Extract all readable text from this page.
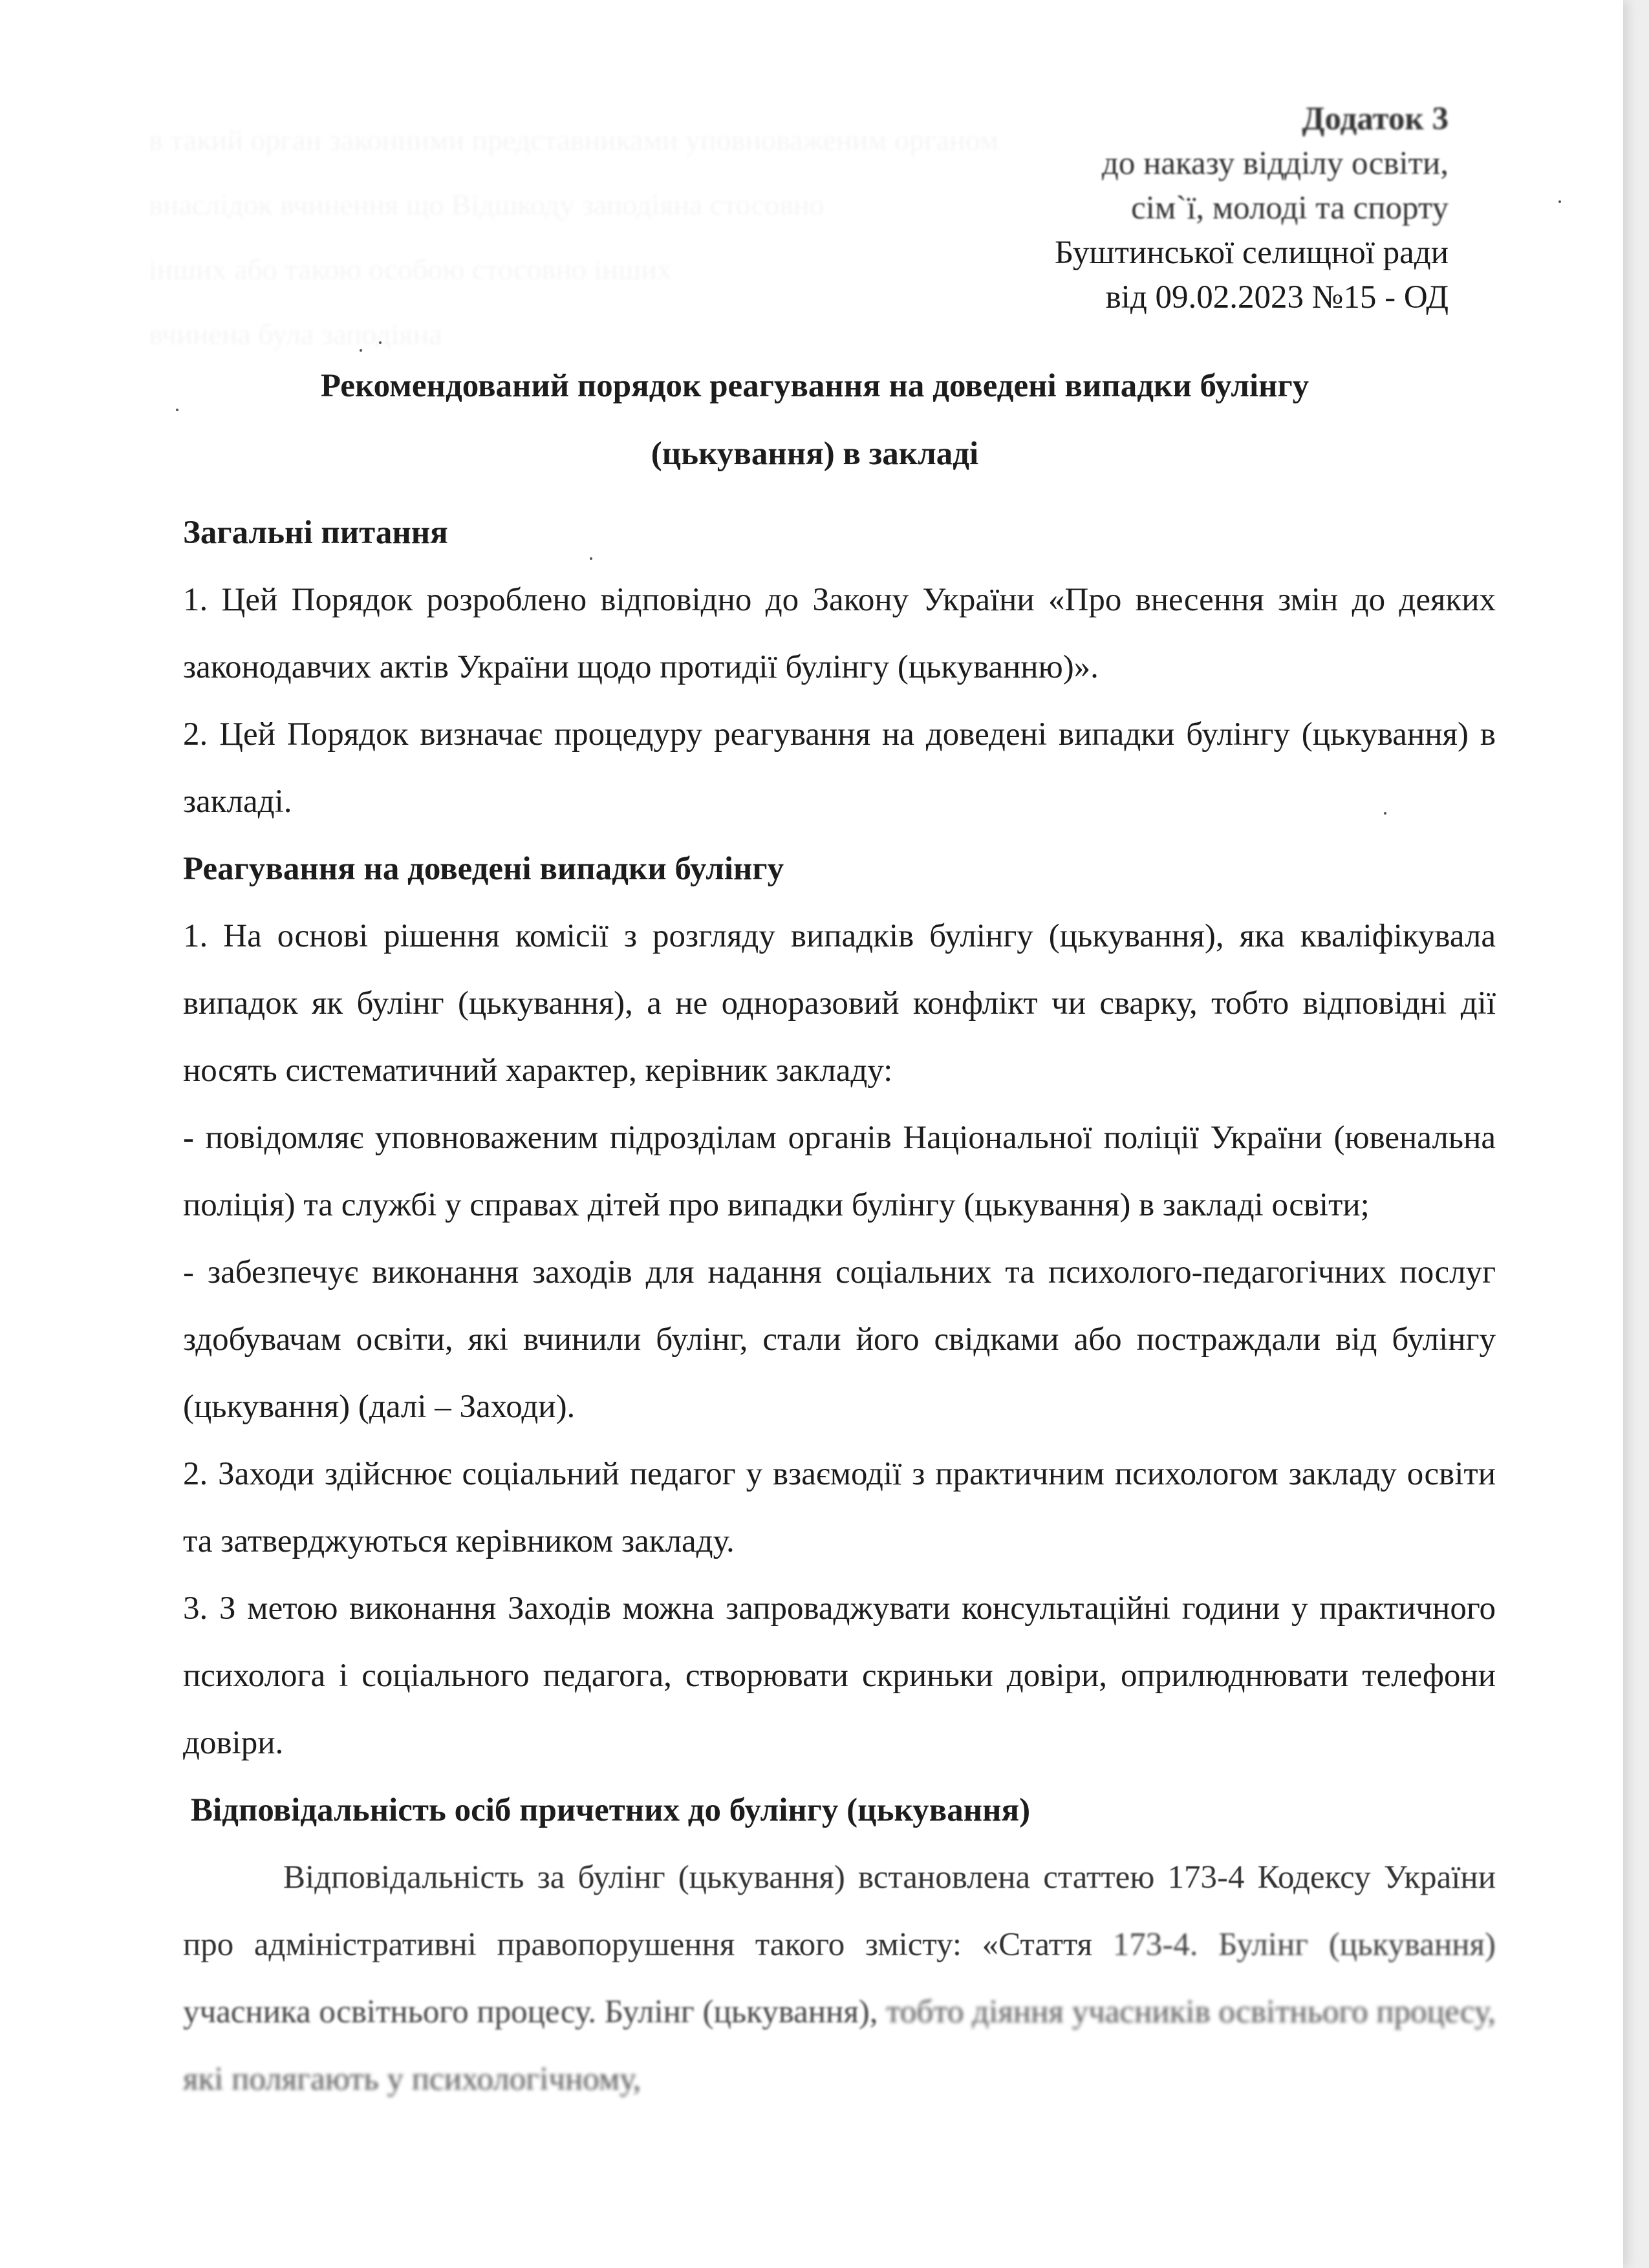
Додаток 3
до наказу відділу освіти,
сім`ї, молоді та спорту
Буштинської селищної ради
від 09.02.2023 №15 - ОД
Рекомендований порядок реагування на доведені випадки булінгу
(цькування) в закладі
Загальні питання

1. Цей Порядок розроблено відповідно до Закону України «Про внесення змін до деяких законодавчих актів України щодо протидії булінгу (цькуванню)».

2. Цей Порядок визначає процедуру реагування на доведені випадки булінгу (цькування) в закладі.

Реагування на доведені випадки булінгу

1. На основі рішення комісії з розгляду випадків булінгу (цькування), яка кваліфікувала випадок як булінг (цькування), а не одноразовий конфлікт чи сварку, тобто відповідні дії носять систематичний характер, керівник закладу:

- повідомляє уповноваженим підрозділам органів Національної поліції України (ювенальна поліція) та службі у справах дітей про випадки булінгу (цькування) в закладі освіти;

- забезпечує виконання заходів для надання соціальних та психолого-педагогічних послуг здобувачам освіти, які вчинили булінг, стали його свідками або постраждали від булінгу (цькування) (далі – Заходи).

2. Заходи здійснює соціальний педагог у взаємодії з практичним психологом закладу освіти та затверджуються керівником закладу.

3. З метою виконання Заходів можна запроваджувати консультаційні години у практичного психолога і соціального педагога, створювати скриньки довіри, оприлюднювати телефони довіри.

Відповідальність осіб причетних до булінгу (цькування)

Відповідальність за булінг (цькування) встановлена статтею 173-4 Кодексу України про адміністративні правопорушення такого змісту: «Стаття 173-4. Булінг (цькування) учасника освітнього процесу. Булінг (цькування), тобто діяння учасників освітнього процесу, які полягають у психологічному,
